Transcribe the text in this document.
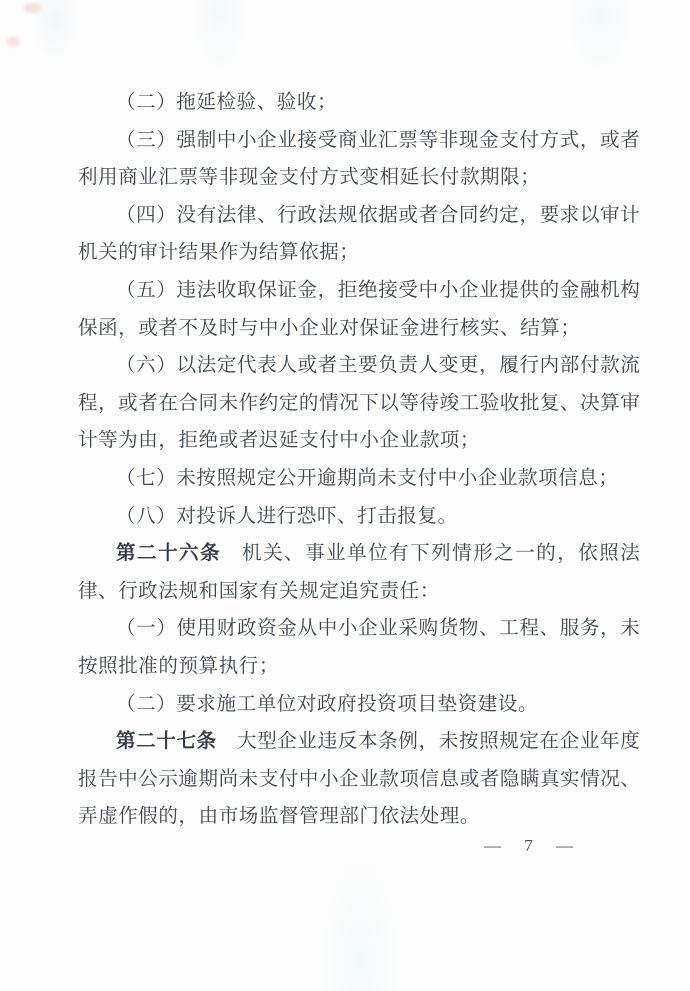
（二）拖延检验、验收；
（三）强制中小企业接受商业汇票等非现金支付方式，或者
利用商业汇票等非现金支付方式变相延长付款期限；
（四）没有法律、行政法规依据或者合同约定，要求以审计
机关的审计结果作为结算依据；
（五）违法收取保证金，拒绝接受中小企业提供的金融机构
保函，或者不及时与中小企业对保证金进行核实、结算；
（六）以法定代表人或者主要负责人变更，履行内部付款流
程，或者在合同未作约定的情况下以等待竣工验收批复、决算审
计等为由，拒绝或者迟延支付中小企业款项；
（七）未按照规定公开逾期尚未支付中小企业款项信息；
（八）对投诉人进行恐吓、打击报复。
第二十六条　机关、事业单位有下列情形之一的，依照法
律、行政法规和国家有关规定追究责任：
（一）使用财政资金从中小企业采购货物、工程、服务，未
按照批准的预算执行；
（二）要求施工单位对政府投资项目垫资建设。
第二十七条　大型企业违反本条例，未按照规定在企业年度
报告中公示逾期尚未支付中小企业款项信息或者隐瞒真实情况、
弄虚作假的，由市场监督管理部门依法处理。
— 7 —
